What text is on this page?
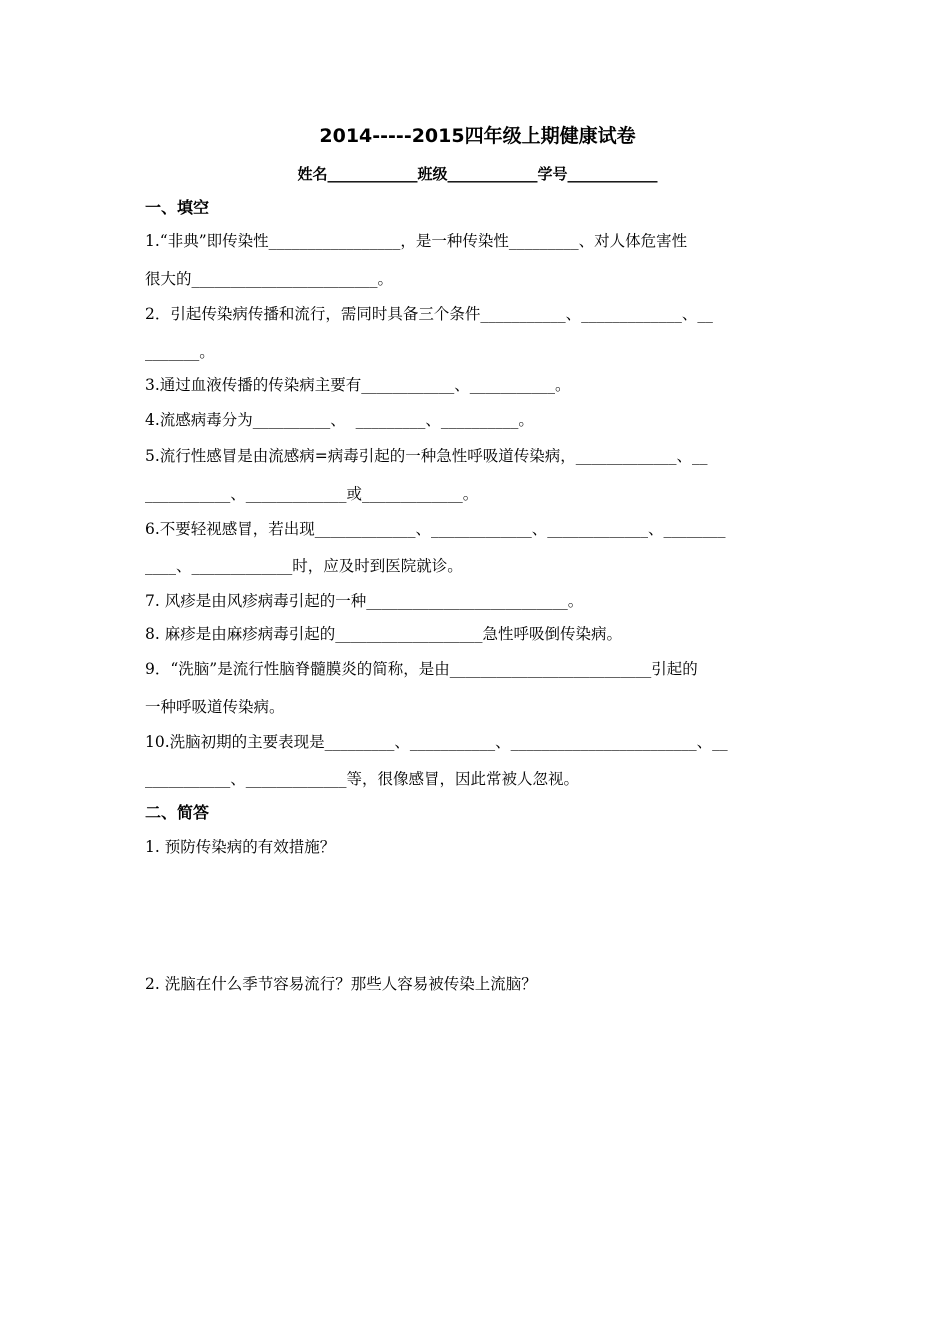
2014-----2015四年级上期健康试卷
姓名____________班级____________学号____________
一、填空
1.“非典”即传染性_________________，是一种传染性_________、对人体危害性
很大的________________________。
2．引起传染病传播和流行，需同时具备三个条件___________、_____________、__
_______。
3.通过血液传播的传染病主要有____________、___________。
4.流感病毒分为__________、  _________、__________。
5.流行性感冒是由流感病=病毒引起的一种急性呼吸道传染病，_____________、__
___________、_____________或_____________。
6.不要轻视感冒，若出现_____________、_____________、_____________、________
____、_____________时，应及时到医院就诊。
7. 风疹是由风疹病毒引起的一种__________________________。
8. 麻疹是由麻疹病毒引起的___________________急性呼吸倒传染病。
9．“洗脑”是流行性脑脊髓膜炎的简称，是由__________________________引起的
一种呼吸道传染病。
10.洗脑初期的主要表现是_________、___________、________________________、__
___________、_____________等，很像感冒，因此常被人忽视。
二、简答
1. 预防传染病的有效措施？
2. 洗脑在什么季节容易流行？那些人容易被传染上流脑？
